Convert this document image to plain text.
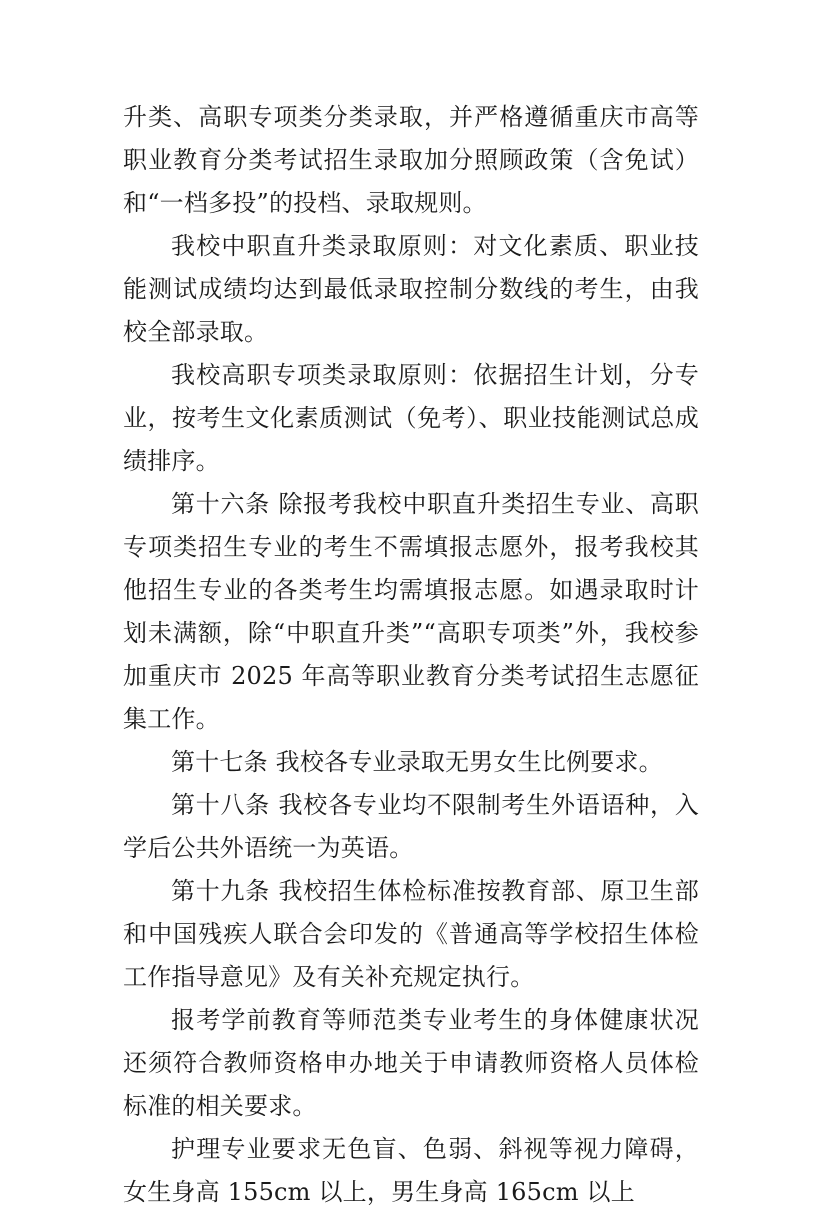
升类、高职专项类分类录取，并严格遵循重庆市高等职业教育分类考试招生录取加分照顾政策（含免试）和“一档多投”的投档、录取规则。

我校中职直升类录取原则：对文化素质、职业技能测试成绩均达到最低录取控制分数线的考生，由我校全部录取。

我校高职专项类录取原则：依据招生计划，分专业，按考生文化素质测试（免考）、职业技能测试总成绩排序。

第十六条 除报考我校中职直升类招生专业、高职专项类招生专业的考生不需填报志愿外，报考我校其他招生专业的各类考生均需填报志愿。如遇录取时计划未满额，除“中职直升类”“高职专项类”外，我校参加重庆市 2025 年高等职业教育分类考试招生志愿征集工作。

第十七条 我校各专业录取无男女生比例要求。

第十八条 我校各专业均不限制考生外语语种，入学后公共外语统一为英语。

第十九条 我校招生体检标准按教育部、原卫生部和中国残疾人联合会印发的《普通高等学校招生体检工作指导意见》及有关补充规定执行。

报考学前教育等师范类专业考生的身体健康状况还须符合教师资格申办地关于申请教师资格人员体检标准的相关要求。

护理专业要求无色盲、色弱、斜视等视力障碍，女生身高 155cm 以上，男生身高 165cm 以上
